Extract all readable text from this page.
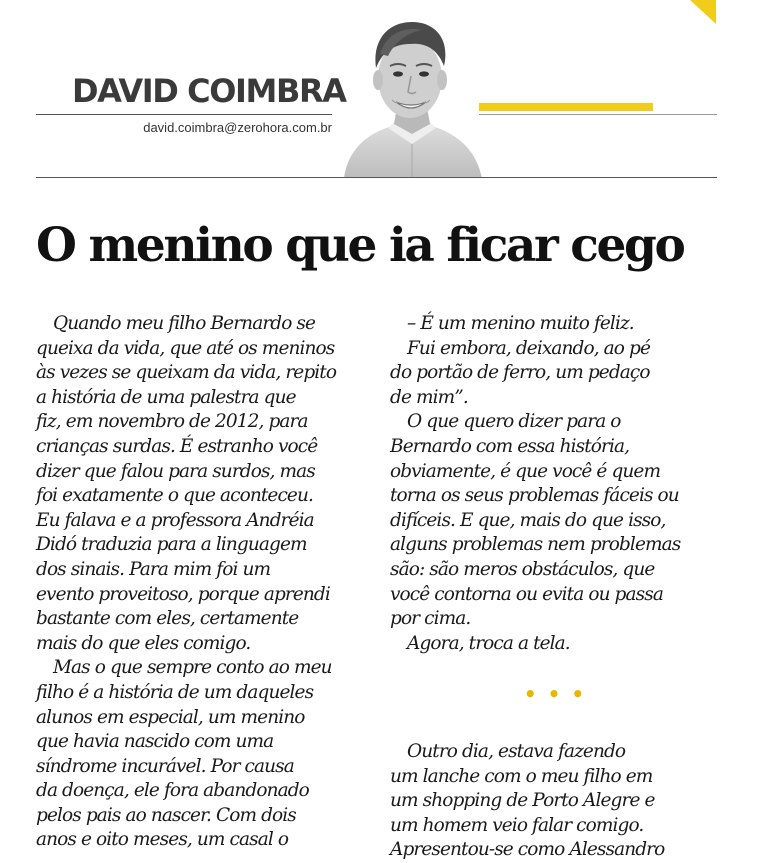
DAVID COIMBRA
david.coimbra@zerohora.com.br
O menino que ia ficar cego
Quando meu filho Bernardo se
queixa da vida, que até os meninos
às vezes se queixam da vida, repito
a história de uma palestra que
fiz, em novembro de 2012, para
crianças surdas. É estranho você
dizer que falou para surdos, mas
foi exatamente o que aconteceu.
Eu falava e a professora Andréia
Didó traduzia para a linguagem
dos sinais. Para mim foi um
evento proveitoso, porque aprendi
bastante com eles, certamente
mais do que eles comigo.
Mas o que sempre conto ao meu
filho é a história de um daqueles
alunos em especial, um menino
que havia nascido com uma
síndrome incurável. Por causa
da doença, ele fora abandonado
pelos pais ao nascer. Com dois
anos e oito meses, um casal o
– É um menino muito feliz.
Fui embora, deixando, ao pé
do portão de ferro, um pedaço
de mim”.
O que quero dizer para o
Bernardo com essa história,
obviamente, é que você é quem
torna os seus problemas fáceis ou
difíceis. E que, mais do que isso,
alguns problemas nem problemas
são: são meros obstáculos, que
você contorna ou evita ou passa
por cima.
Agora, troca a tela.
• • •
Outro dia, estava fazendo
um lanche com o meu filho em
um shopping de Porto Alegre e
um homem veio falar comigo.
Apresentou-se como Alessandro
